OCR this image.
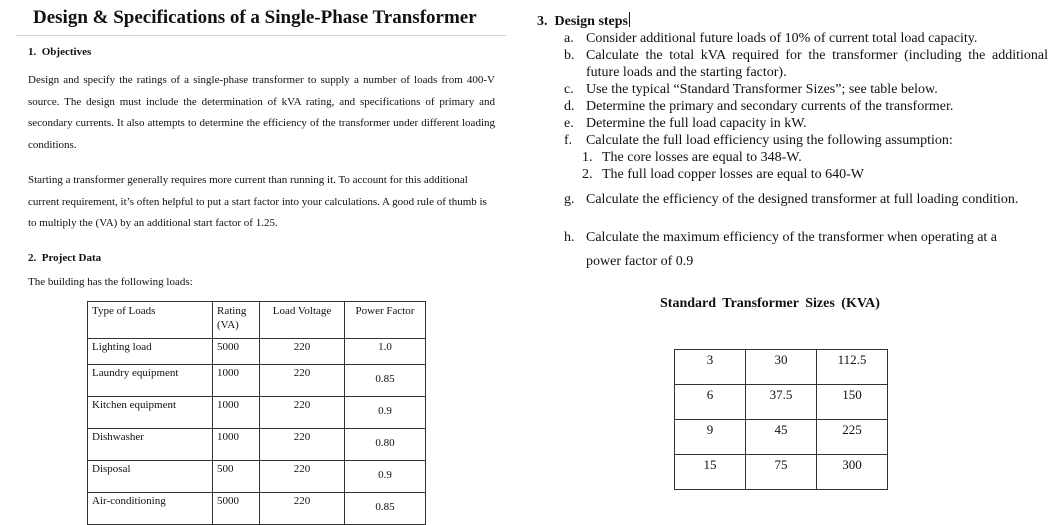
Design & Specifications of a Single-Phase Transformer
1.  Objectives
Design and specify the ratings of a single-phase transformer to supply a number of loads from 400-V source. The design must include the determination of kVA rating, and specifications of primary and secondary currents. It also attempts to determine the efficiency of the transformer under different loading conditions.
Starting a transformer generally requires more current than running it. To account for this additional current requirement, it’s often helpful to put a start factor into your calculations. A good rule of thumb is to multiply the (VA) by an additional start factor of 1.25.
2.  Project Data
The building has the following loads:
Type of Loads	Rating (VA)	Load Voltage	Power Factor
Lighting load	5000	220	1.0
Laundry equipment	1000	220	0.85
Kitchen equipment	1000	220	0.9
Dishwasher	1000	220	0.80
Disposal	500	220	0.9
Air-conditioning	5000	220	0.85
3.  Design steps
a. Consider additional future loads of 10% of current total load capacity.
b. Calculate the total kVA required for the transformer (including the additional future loads and the starting factor).
c. Use the typical “Standard Transformer Sizes”; see table below.
d. Determine the primary and secondary currents of the transformer.
e. Determine the full load capacity in kW.
f. Calculate the full load efficiency using the following assumption:
1. The core losses are equal to 348-W.
2. The full load copper losses are equal to 640-W
g. Calculate the efficiency of the designed transformer at full loading condition.
h. Calculate the maximum efficiency of the transformer when operating at a power factor of 0.9
Standard Transformer Sizes (KVA)
3	30	112.5
6	37.5	150
9	45	225
15	75	300
